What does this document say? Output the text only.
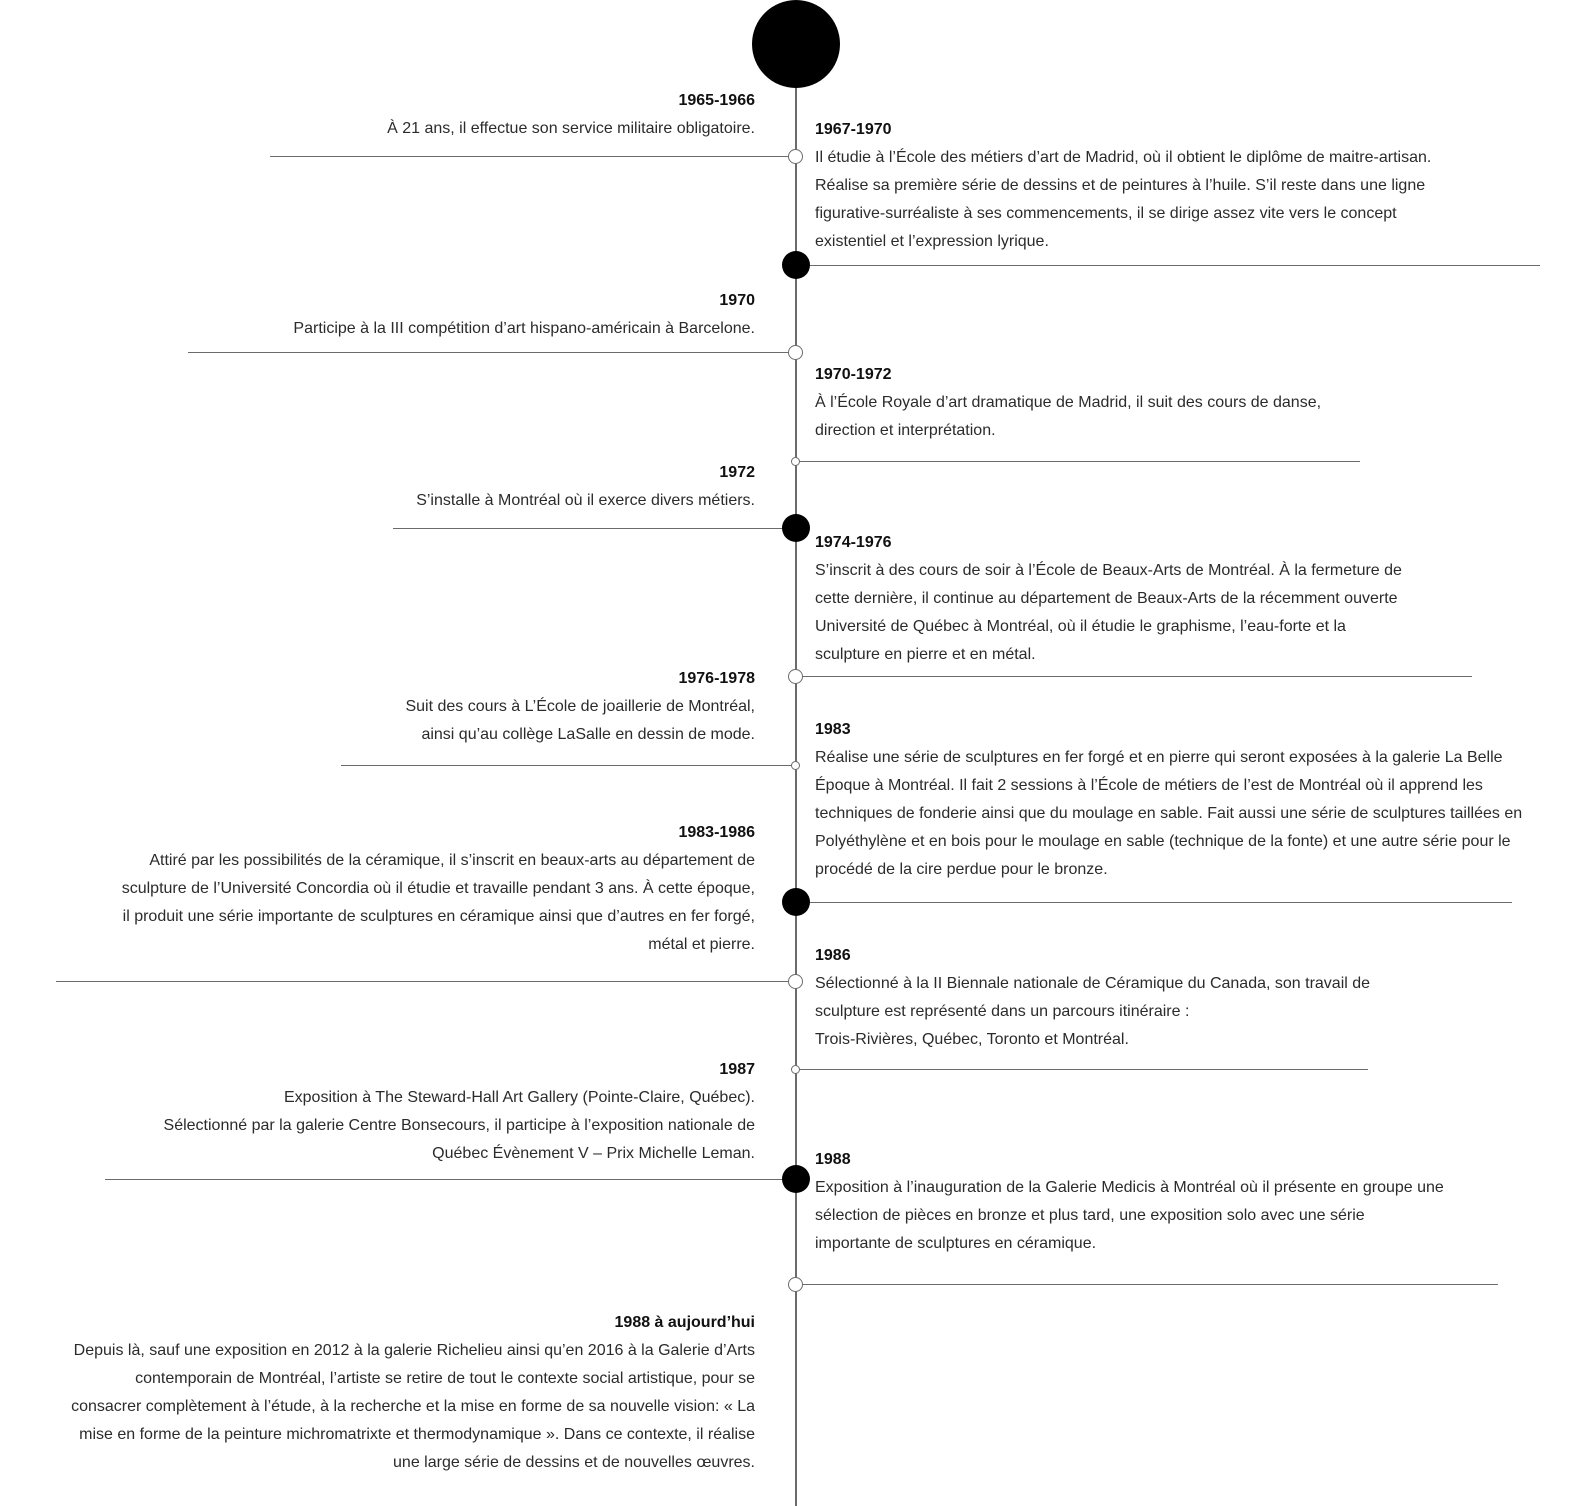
1965-1966
À 21 ans, il effectue son service militaire obligatoire.	1967-1970
Il étudie à l’École des métiers d’art de Madrid, où il obtient le diplôme de maitre-artisan.
Réalise sa première série de dessins et de peintures à l’huile. S’il reste dans une ligne
figurative-surréaliste à ses commencements, il se dirige assez vite vers le concept
existentiel et l’expression lyrique.
1970
Participe à la III compétition d’art hispano-américain à Barcelone.
1970-1972
À l’École Royale d’art dramatique de Madrid, il suit des cours de danse,
direction et interprétation.
1972
S’installe à Montréal où il exerce divers métiers.
1974-1976
S’inscrit à des cours de soir à l’École de Beaux-Arts de Montréal. À la fermeture de
cette dernière, il continue au département de Beaux-Arts de la récemment ouverte
Université de Québec à Montréal, où il étudie le graphisme, l’eau-forte et la
sculpture en pierre et en métal.
1976-1978
Suit des cours à L’École de joaillerie de Montréal,
ainsi qu’au collège LaSalle en dessin de mode.	1983
Réalise une série de sculptures en fer forgé et en pierre qui seront exposées à la galerie La Belle
Époque à Montréal. Il fait 2 sessions à l’École de métiers de l’est de Montréal où il apprend les
techniques de fonderie ainsi que du moulage en sable. Fait aussi une série de sculptures taillées en
Polyéthylène et en bois pour le moulage en sable (technique de la fonte) et une autre série pour le
procédé de la cire perdue pour le bronze.
1983-1986
Attiré par les possibilités de la céramique, il s’inscrit en beaux-arts au département de
sculpture de l’Université Concordia où il étudie et travaille pendant 3 ans. À cette époque,
il produit une série importante de sculptures en céramique ainsi que d’autres en fer forgé,
métal et pierre.
1986
Sélectionné à la II Biennale nationale de Céramique du Canada, son travail de
sculpture est représenté dans un parcours itinéraire :
Trois-Rivières, Québec, Toronto et Montréal.
1987
Exposition à The Steward-Hall Art Gallery (Pointe-Claire, Québec).
Sélectionné par la galerie Centre Bonsecours, il participe à l’exposition nationale de
Québec Évènement V – Prix Michelle Leman.	1988
Exposition à l’inauguration de la Galerie Medicis à Montréal où il présente en groupe une
sélection de pièces en bronze et plus tard, une exposition solo avec une série
importante de sculptures en céramique.
1988 à aujourd’hui
Depuis là, sauf une exposition en 2012 à la galerie Richelieu ainsi qu’en 2016 à la Galerie d’Arts
contemporain de Montréal, l’artiste se retire de tout le contexte social artistique, pour se
consacrer complètement à l’étude, à la recherche et la mise en forme de sa nouvelle vision: « La
mise en forme de la peinture michromatrixte et thermodynamique ». Dans ce contexte, il réalise
une large série de dessins et de nouvelles œuvres.
